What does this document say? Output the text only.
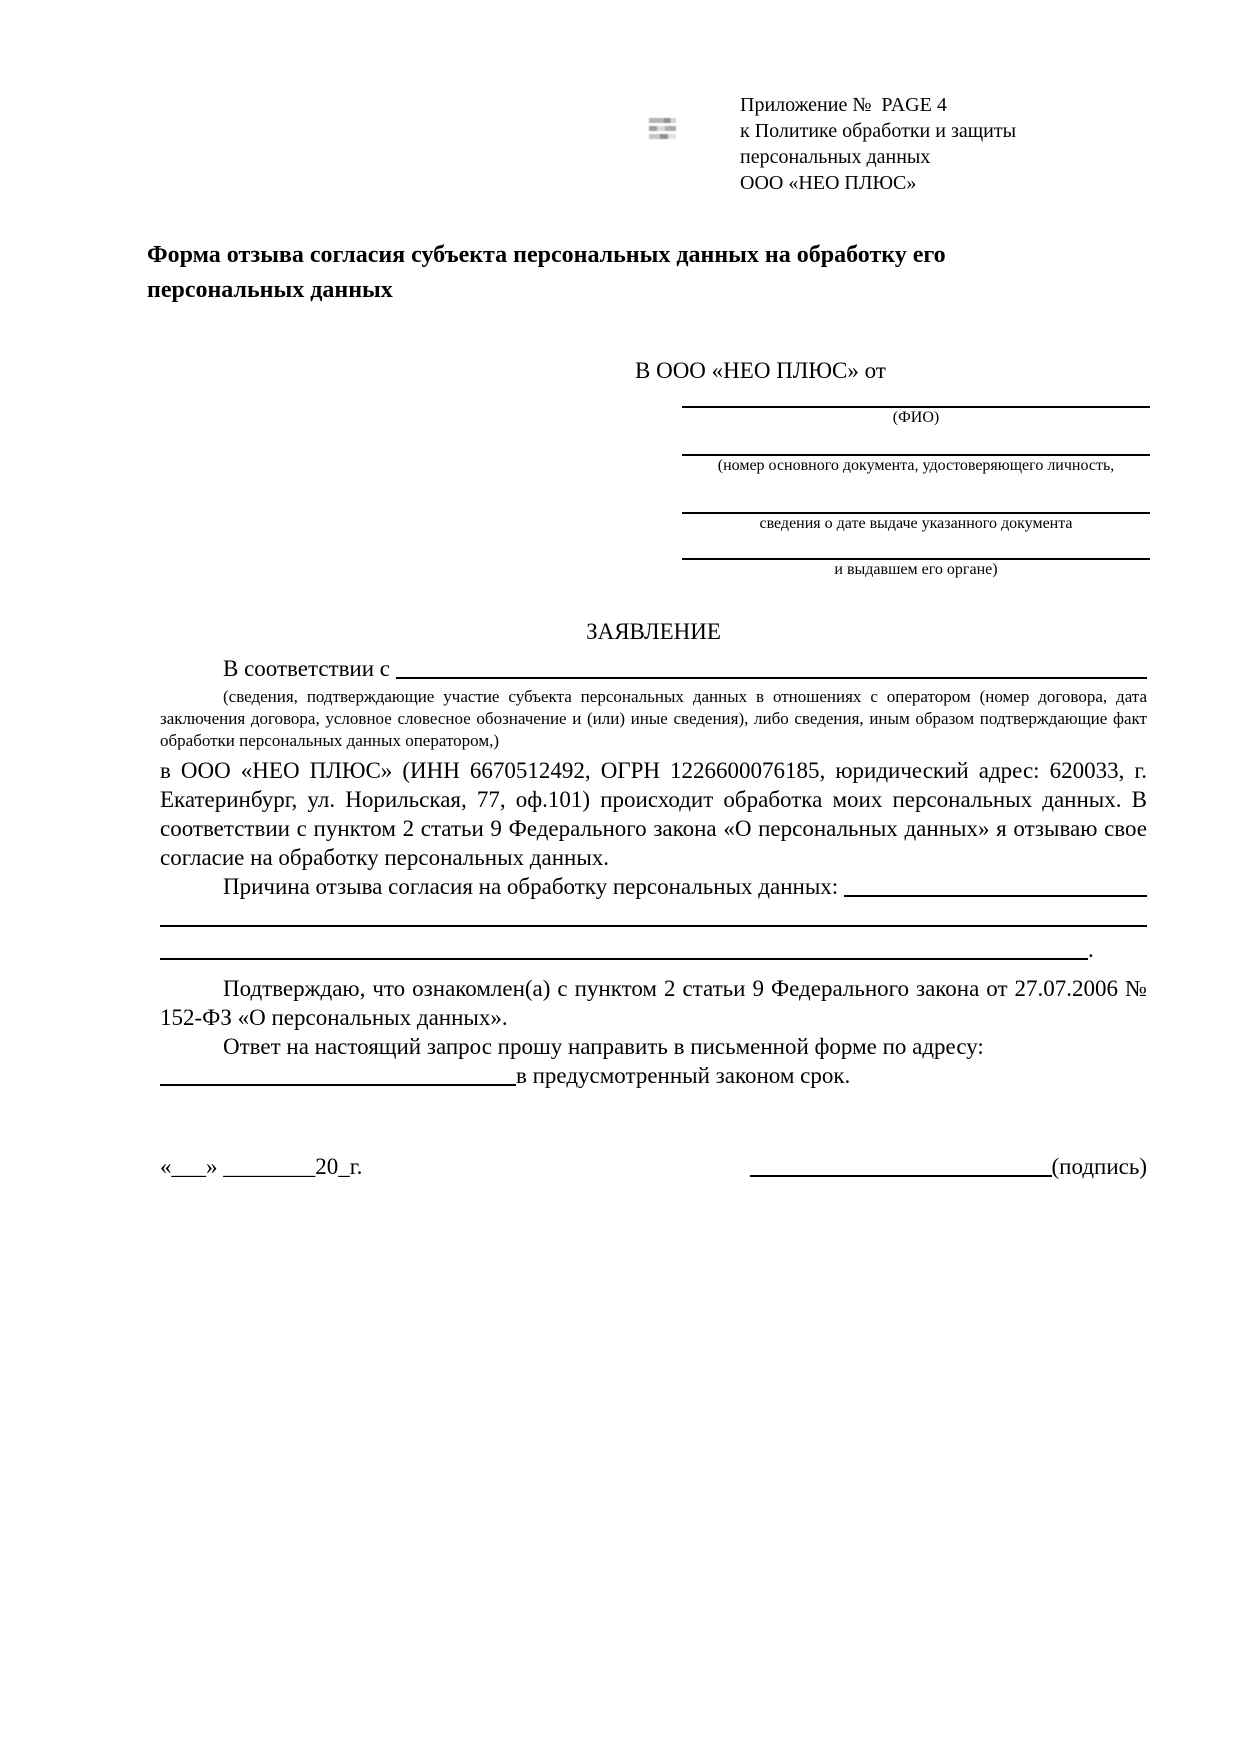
Приложение №  PAGE 4
к Политике обработки и защиты
персональных данных
ООО «НЕО ПЛЮС»
Форма отзыва согласия субъекта персональных данных на обработку его персональных данных
В ООО «НЕО ПЛЮС» от
(ФИО)
(номер основного документа, удостоверяющего личность,
сведения о дате выдаче указанного документа
и выдавшем его органе)
ЗАЯВЛЕНИЕ
В соответствии с
(сведения, подтверждающие участие субъекта персональных данных в отношениях с оператором (номер договора, дата заключения договора, условное словесное обозначение и (или) иные сведения), либо сведения, иным образом подтверждающие факт обработки персональных данных оператором,)

в ООО «НЕО ПЛЮС» (ИНН 6670512492, ОГРН 1226600076185, юридический адрес: 620033, г. Екатеринбург, ул. Норильская, 77, оф.101) происходит обработка моих персональных данных. В соответствии с пунктом 2 статьи 9 Федерального закона «О персональных данных» я отзываю свое согласие на обработку персональных данных.

Причина отзыва согласия на обработку персональных данных:
.

Подтверждаю, что ознакомлен(а) с пунктом 2 статьи 9 Федерального закона от 27.07.2006 № 152-ФЗ «О персональных данных».

Ответ на настоящий запрос прошу направить в письменной форме по адресу:

в предусмотренный законом срок.
«___» ________20_г.	(подпись)
